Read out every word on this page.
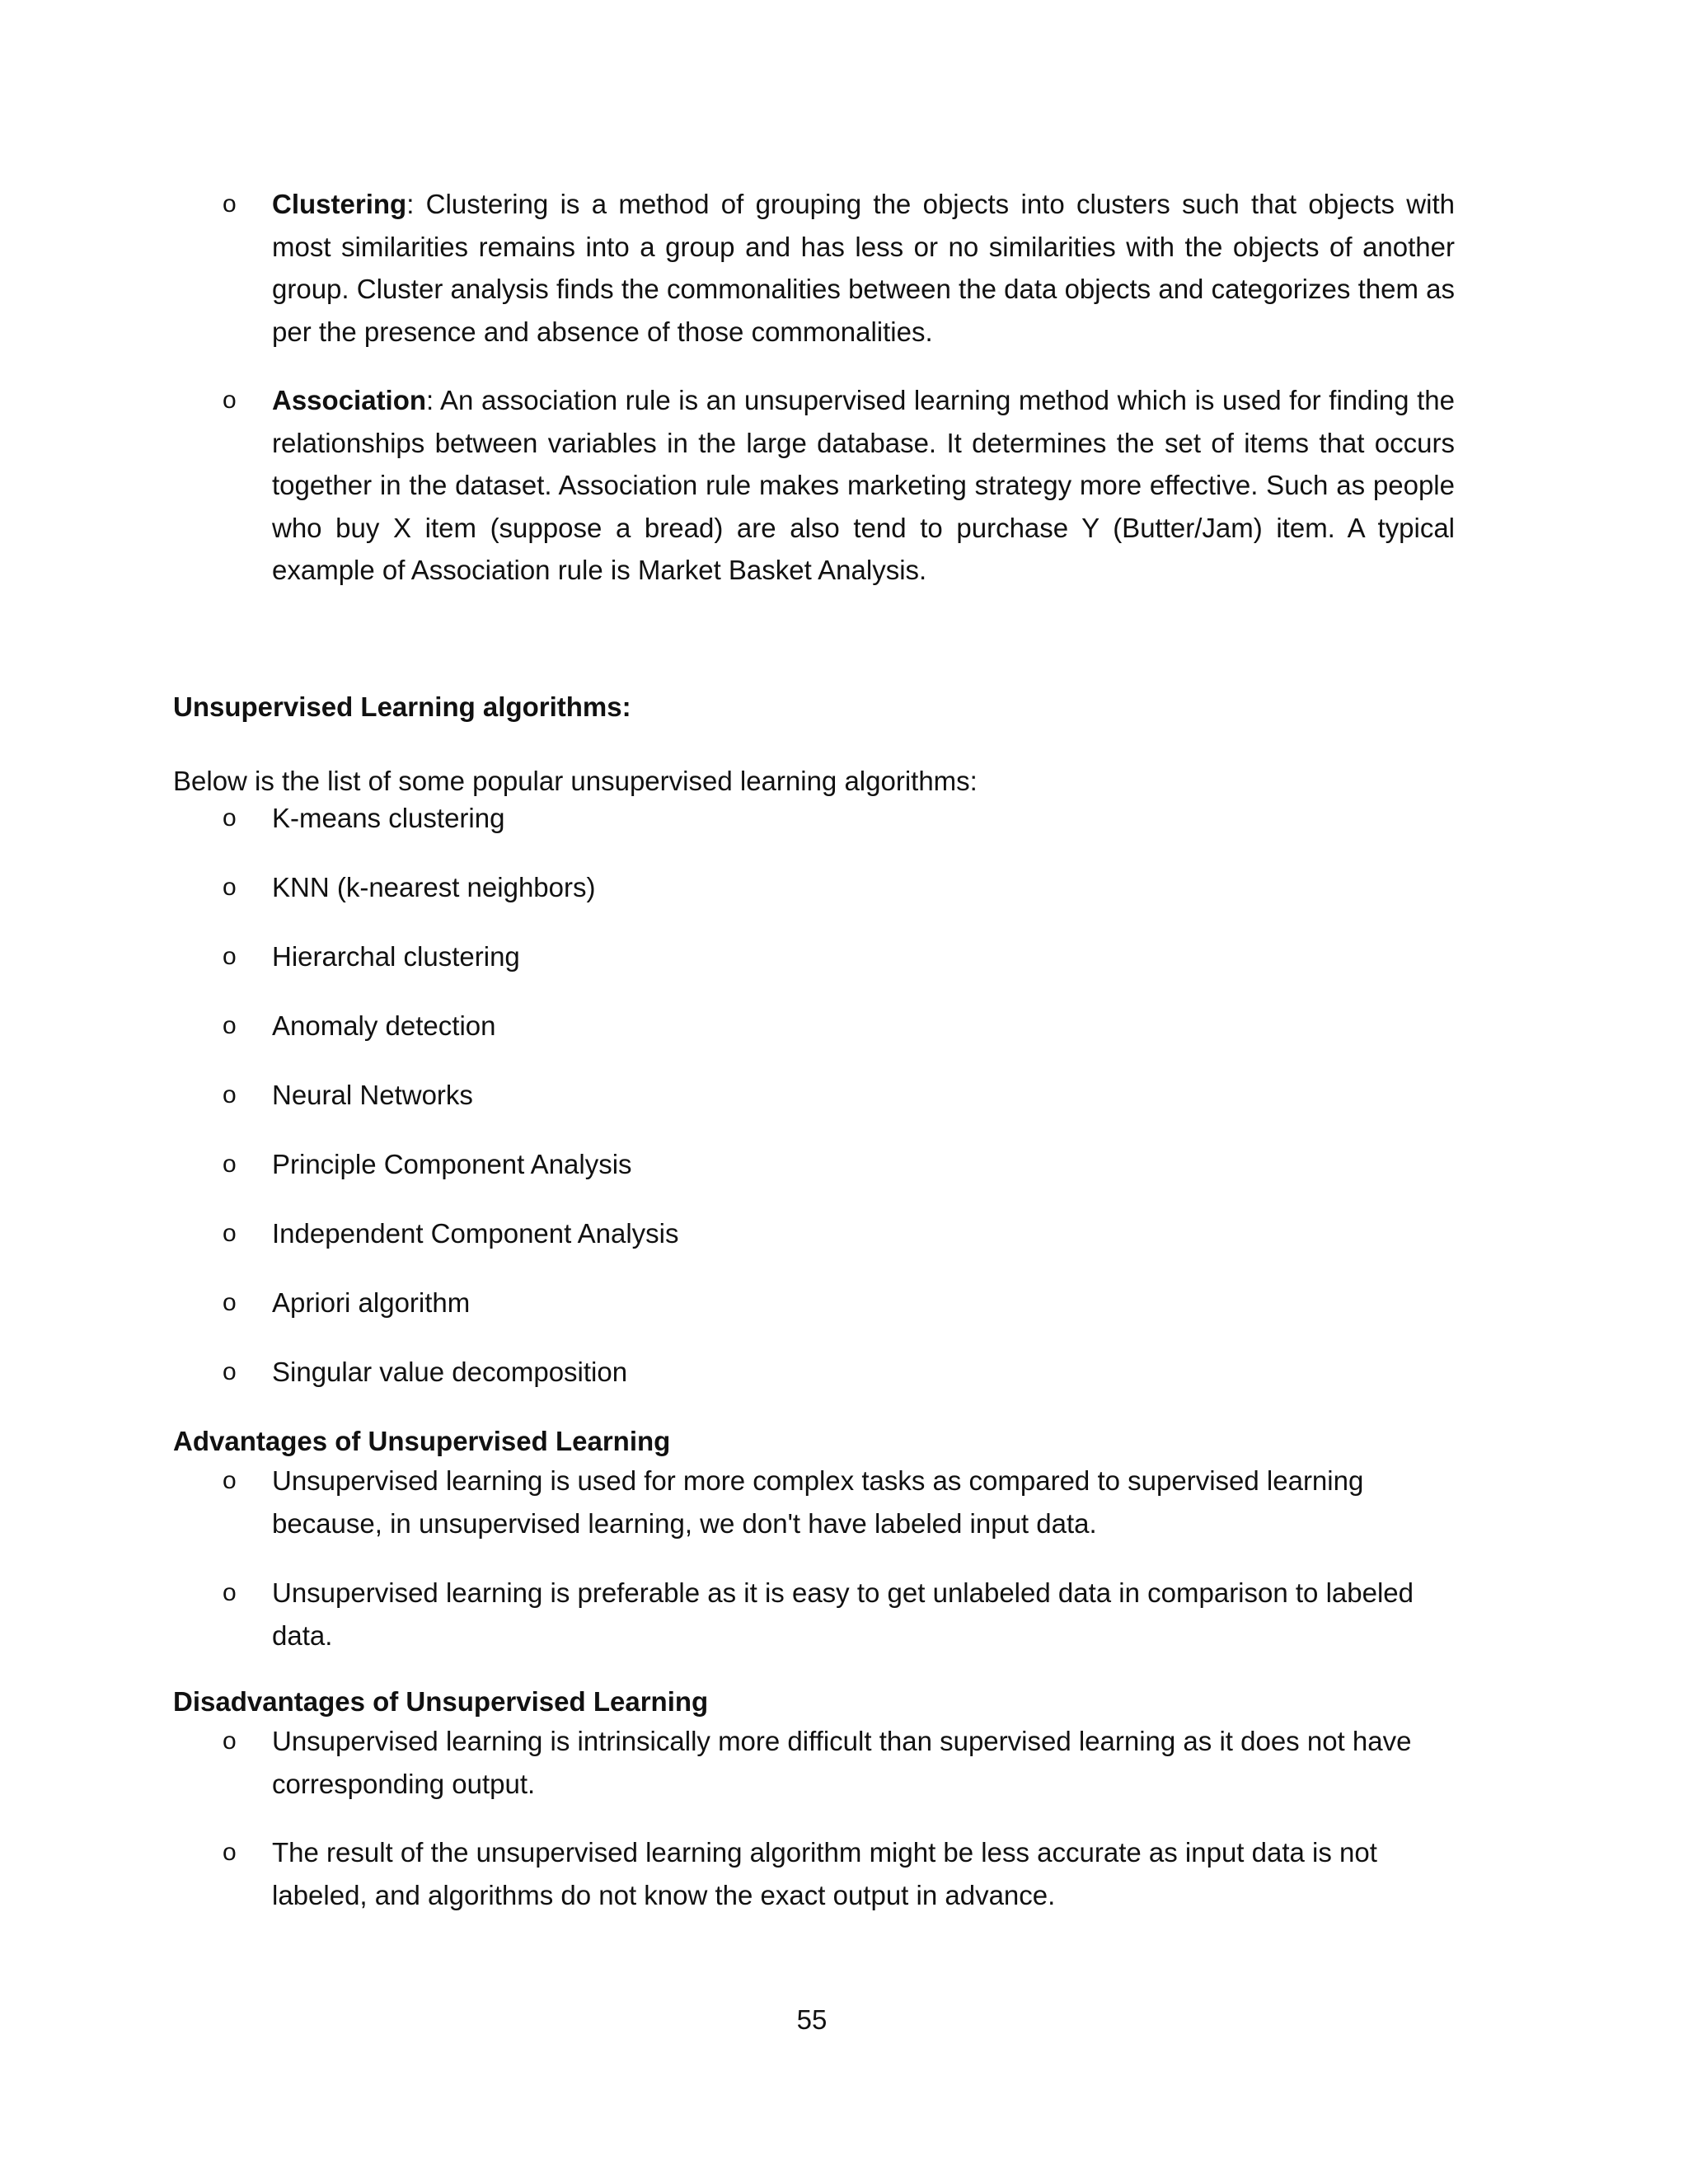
o Clustering: Clustering is a method of grouping the objects into clusters such that objects with most similarities remains into a group and has less or no similarities with the objects of another group. Cluster analysis finds the commonalities between the data objects and categorizes them as per the presence and absence of those commonalities.
o Association: An association rule is an unsupervised learning method which is used for finding the relationships between variables in the large database. It determines the set of items that occurs together in the dataset. Association rule makes marketing strategy more effective. Such as people who buy X item (suppose a bread) are also tend to purchase Y (Butter/Jam) item. A typical example of Association rule is Market Basket Analysis.
Unsupervised Learning algorithms:
Below is the list of some popular unsupervised learning algorithms:
o K-means clustering
o KNN (k-nearest neighbors)
o Hierarchal clustering
o Anomaly detection
o Neural Networks
o Principle Component Analysis
o Independent Component Analysis
o Apriori algorithm
o Singular value decomposition
Advantages of Unsupervised Learning
o Unsupervised learning is used for more complex tasks as compared to supervised learning because, in unsupervised learning, we don't have labeled input data.
o Unsupervised learning is preferable as it is easy to get unlabeled data in comparison to labeled data.
Disadvantages of Unsupervised Learning
o Unsupervised learning is intrinsically more difficult than supervised learning as it does not have corresponding output.
o The result of the unsupervised learning algorithm might be less accurate as input data is not labeled, and algorithms do not know the exact output in advance.
55
